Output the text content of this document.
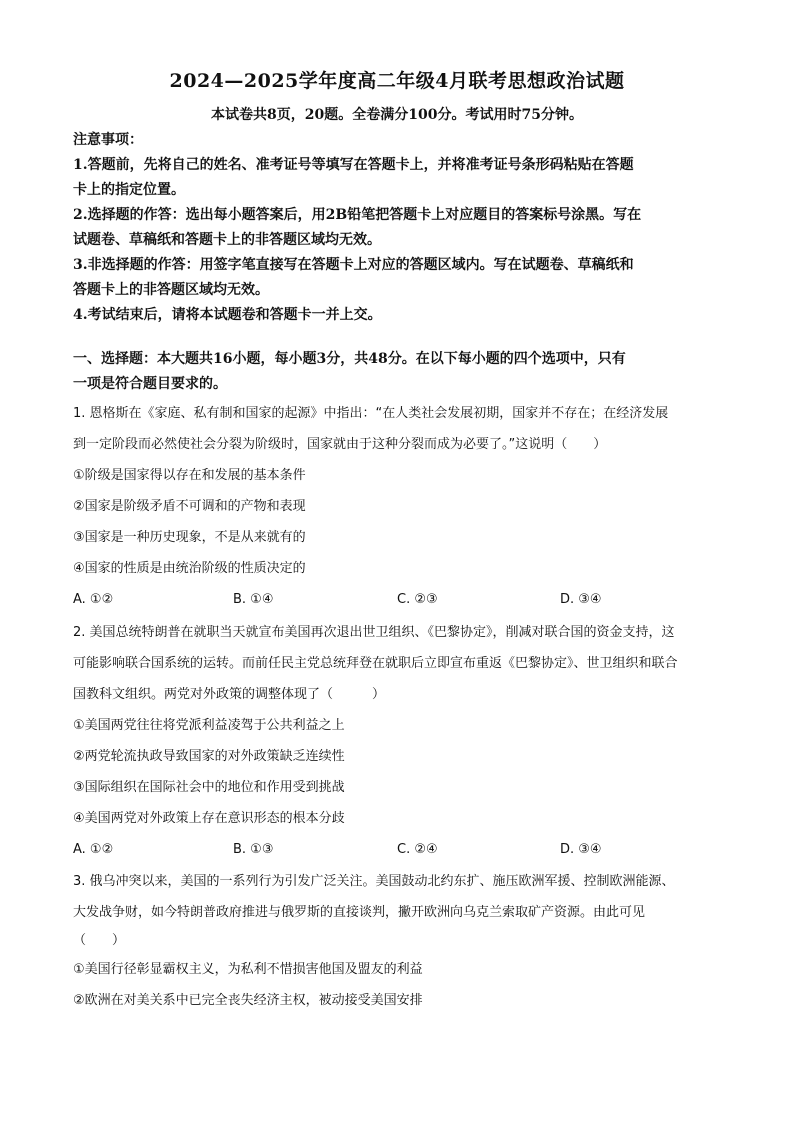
2024—2025学年度高二年级4月联考思想政治试题
本试卷共8页，20题。全卷满分100分。考试用时75分钟。
注意事项：
1.答题前，先将自己的姓名、准考证号等填写在答题卡上，并将准考证号条形码粘贴在答题
卡上的指定位置。
2.选择题的作答：选出每小题答案后，用2B铅笔把答题卡上对应题目的答案标号涂黑。写在
试题卷、草稿纸和答题卡上的非答题区域均无效。
3.非选择题的作答：用签字笔直接写在答题卡上对应的答题区域内。写在试题卷、草稿纸和
答题卡上的非答题区域均无效。
4.考试结束后，请将本试题卷和答题卡一并上交。
一、选择题：本大题共16小题，每小题3分，共48分。在以下每小题的四个选项中，只有
一项是符合题目要求的。
1. 恩格斯在《家庭、私有制和国家的起源》中指出：“在人类社会发展初期，国家并不存在；在经济发展
到一定阶段而必然使社会分裂为阶级时，国家就由于这种分裂而成为必要了。”这说明（　　）
①阶级是国家得以存在和发展的基本条件
②国家是阶级矛盾不可调和的产物和表现
③国家是一种历史现象，不是从来就有的
④国家的性质是由统治阶级的性质决定的
A. ①②	B. ①④	C. ②③	D. ③④
2. 美国总统特朗普在就职当天就宣布美国再次退出世卫组织、《巴黎协定》，削减对联合国的资金支持，这
可能影响联合国系统的运转。而前任民主党总统拜登在就职后立即宣布重返《巴黎协定》、世卫组织和联合
国教科文组织。两党对外政策的调整体现了（　　　）
①美国两党往往将党派利益凌驾于公共利益之上
②两党轮流执政导致国家的对外政策缺乏连续性
③国际组织在国际社会中的地位和作用受到挑战
④美国两党对外政策上存在意识形态的根本分歧
A. ①②	B. ①③	C. ②④	D. ③④
3. 俄乌冲突以来，美国的一系列行为引发广泛关注。美国鼓动北约东扩、施压欧洲军援、控制欧洲能源、
大发战争财，如今特朗普政府推进与俄罗斯的直接谈判，撇开欧洲向乌克兰索取矿产资源。由此可见
（　　）
①美国行径彰显霸权主义，为私利不惜损害他国及盟友的利益
②欧洲在对美关系中已完全丧失经济主权，被动接受美国安排
